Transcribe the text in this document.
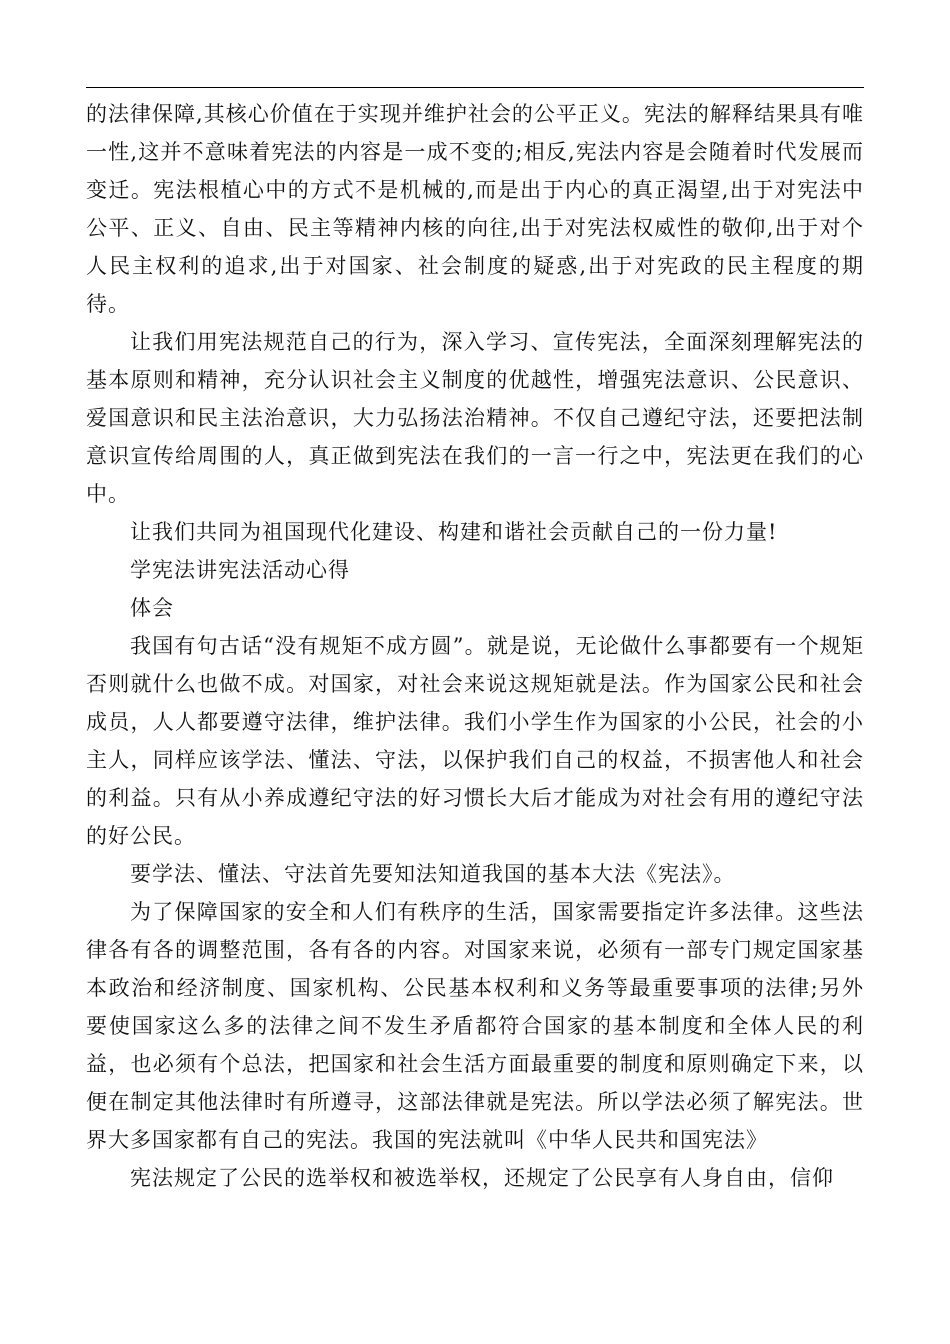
的法律保障,其核心价值在于实现并维护社会的公平正义。宪法的解释结果具有唯一性,这并不意味着宪法的内容是一成不变的;相反,宪法内容是会随着时代发展而变迁。宪法根植心中的方式不是机械的,而是出于内心的真正渴望,出于对宪法中公平、正义、自由、民主等精神内核的向往,出于对宪法权威性的敬仰,出于对个人民主权利的追求,出于对国家、社会制度的疑惑,出于对宪政的民主程度的期待。

让我们用宪法规范自己的行为，深入学习、宣传宪法，全面深刻理解宪法的基本原则和精神，充分认识社会主义制度的优越性，增强宪法意识、公民意识、爱国意识和民主法治意识，大力弘扬法治精神。不仅自己遵纪守法，还要把法制意识宣传给周围的人，真正做到宪法在我们的一言一行之中，宪法更在我们的心中。

让我们共同为祖国现代化建设、构建和谐社会贡献自己的一份力量!

学宪法讲宪法活动心得

体会

我国有句古话“没有规矩不成方圆”。就是说，无论做什么事都要有一个规矩否则就什么也做不成。对国家，对社会来说这规矩就是法。作为国家公民和社会成员，人人都要遵守法律，维护法律。我们小学生作为国家的小公民，社会的小主人，同样应该学法、懂法、守法，以保护我们自己的权益，不损害他人和社会的利益。只有从小养成遵纪守法的好习惯长大后才能成为对社会有用的遵纪守法的好公民。

要学法、懂法、守法首先要知法知道我国的基本大法《宪法》。

为了保障国家的安全和人们有秩序的生活，国家需要指定许多法律。这些法律各有各的调整范围，各有各的内容。对国家来说，必须有一部专门规定国家基本政治和经济制度、国家机构、公民基本权利和义务等最重要事项的法律;另外要使国家这么多的法律之间不发生矛盾都符合国家的基本制度和全体人民的利益，也必须有个总法，把国家和社会生活方面最重要的制度和原则确定下来，以便在制定其他法律时有所遵寻，这部法律就是宪法。所以学法必须了解宪法。世界大多国家都有自己的宪法。我国的宪法就叫《中华人民共和国宪法》

宪法规定了公民的选举权和被选举权，还规定了公民享有人身自由，信仰
